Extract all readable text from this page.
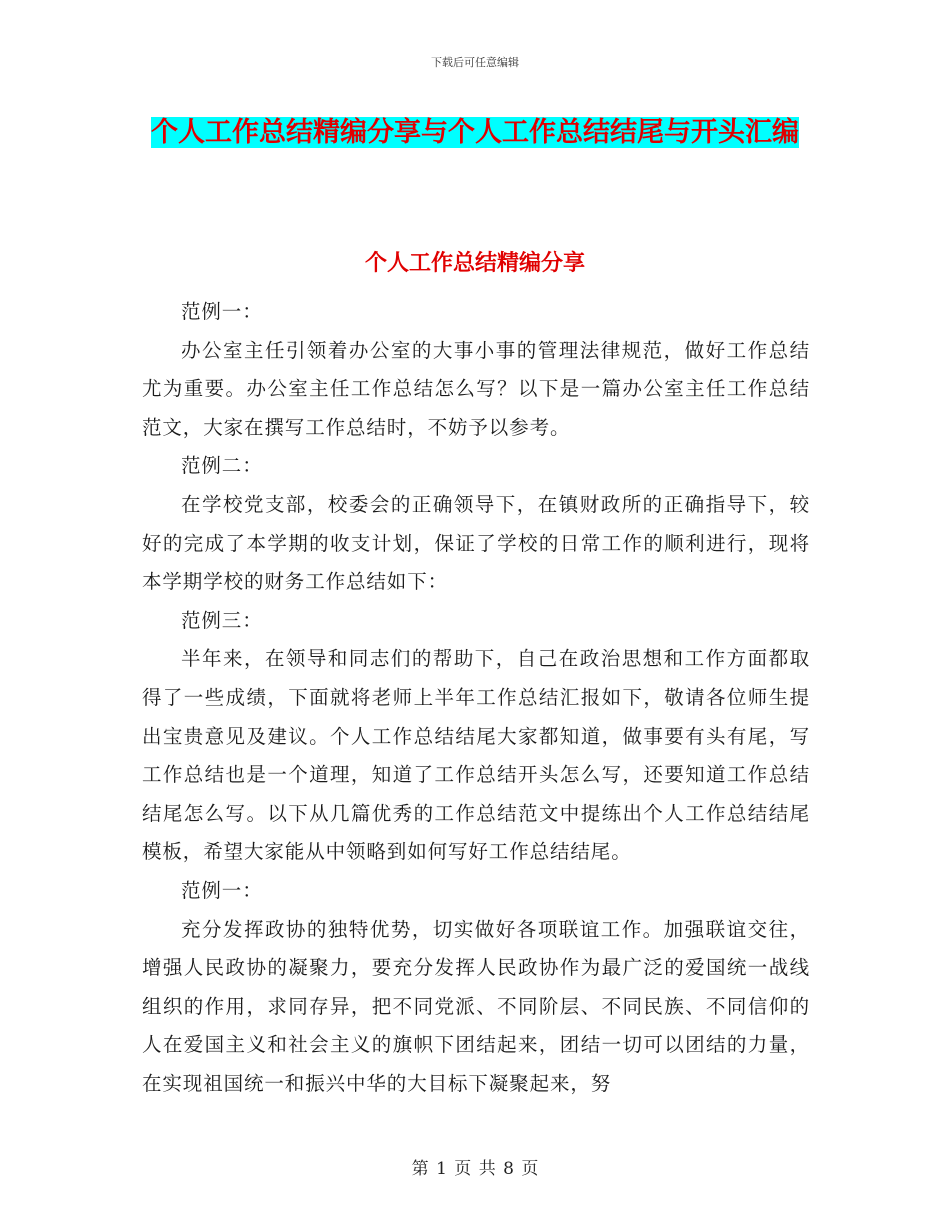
下载后可任意编辑
个人工作总结精编分享与个人工作总结结尾与开头汇编
个人工作总结精编分享

范例一：

办公室主任引领着办公室的大事小事的管理法律规范，做好工作总结尤为重要。办公室主任工作总结怎么写？以下是一篇办公室主任工作总结范文，大家在撰写工作总结时，不妨予以参考。

范例二：

在学校党支部，校委会的正确领导下，在镇财政所的正确指导下，较好的完成了本学期的收支计划，保证了学校的日常工作的顺利进行，现将本学期学校的财务工作总结如下：

范例三：

半年来，在领导和同志们的帮助下，自己在政治思想和工作方面都取得了一些成绩，下面就将老师上半年工作总结汇报如下，敬请各位师生提出宝贵意见及建议。个人工作总结结尾大家都知道，做事要有头有尾，写工作总结也是一个道理，知道了工作总结开头怎么写，还要知道工作总结结尾怎么写。以下从几篇优秀的工作总结范文中提练出个人工作总结结尾模板，希望大家能从中领略到如何写好工作总结结尾。

范例一：

充分发挥政协的独特优势，切实做好各项联谊工作。加强联谊交往，增强人民政协的凝聚力，要充分发挥人民政协作为最广泛的爱国统一战线组织的作用，求同存异，把不同党派、不同阶层、不同民族、不同信仰的人在爱国主义和社会主义的旗帜下团结起来，团结一切可以团结的力量，在实现祖国统一和振兴中华的大目标下凝聚起来，努

第 1 页 共 8 页
